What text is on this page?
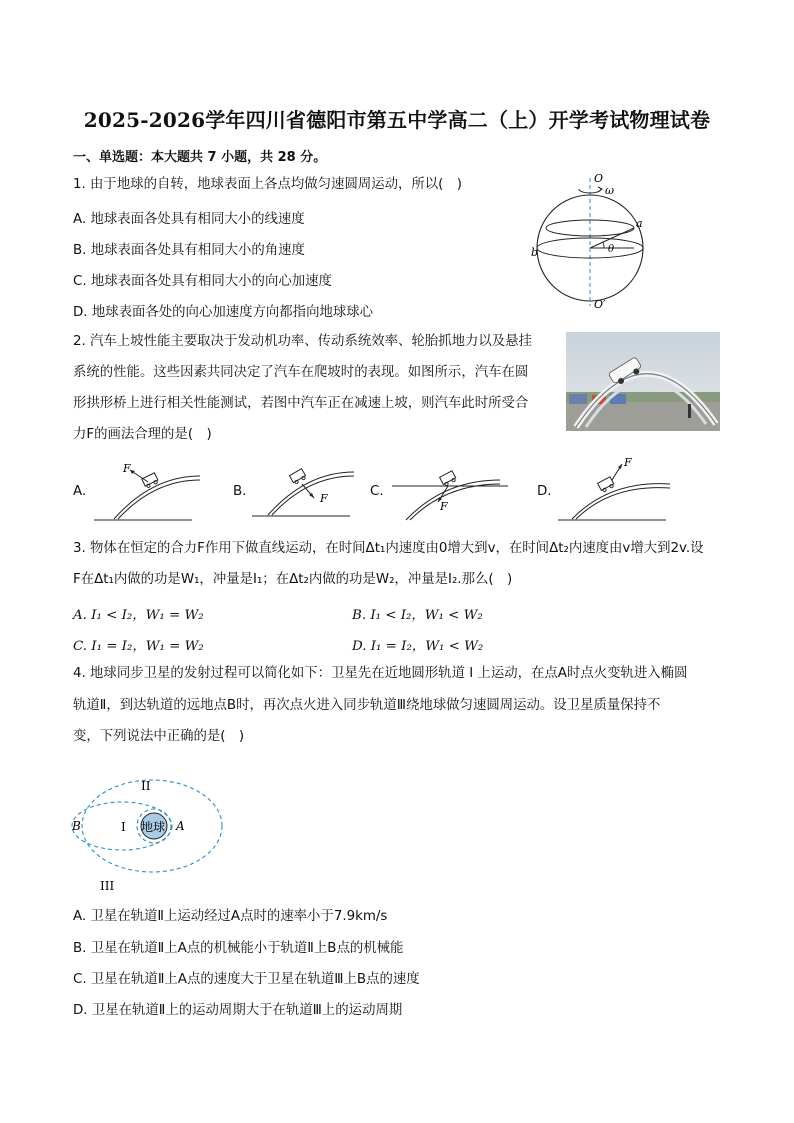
2025-2026学年四川省德阳市第五中学高二（上）开学考试物理试卷
一、单选题：本大题共 7 小题，共 28 分。
1. 由于地球的自转，地球表面上各点均做匀速圆周运动，所以(　)
A. 地球表面各处具有相同大小的线速度
B. 地球表面各处具有相同大小的角速度
C. 地球表面各处具有相同大小的向心加速度
D. 地球表面各处的向心加速度方向都指向地球球心
O
ω
a
b	θ
O′
2. 汽车上坡性能主要取决于发动机功率、传动系统效率、轮胎抓地力以及悬挂
系统的性能。这些因素共同决定了汽车在爬坡时的表现。如图所示，汽车在圆
形拱形桥上进行相关性能测试，若图中汽车正在减速上坡，则汽车此时所受合
力F的画法合理的是(　)
A.
F
B.	F	C.
F
D.
F
3. 物体在恒定的合力F作用下做直线运动，在时间Δt₁内速度由0增大到v，在时间Δt₂内速度由v增大到2v.设
F在Δt₁内做的功是W₁，冲量是I₁；在Δt₂内做的功是W₂，冲量是I₂.那么(　)
A. I₁ < I₂，W₁ = W₂	B. I₁ < I₂，W₁ < W₂
C. I₁ = I₂，W₁ = W₂	D. I₁ = I₂，W₁ < W₂
4. 地球同步卫星的发射过程可以简化如下：卫星先在近地圆形轨道 Ⅰ 上运动，在点A时点火变轨进入椭圆
轨道Ⅱ，到达轨道的远地点B时，再次点火进入同步轨道Ⅲ绕地球做匀速圆周运动。设卫星质量保持不
变，下列说法中正确的是(　)
地球
II
I
III
A
B
A. 卫星在轨道Ⅱ上运动经过A点时的速率小于7.9km/s
B. 卫星在轨道Ⅱ上A点的机械能小于轨道Ⅱ上B点的机械能
C. 卫星在轨道Ⅱ上A点的速度大于卫星在轨道Ⅲ上B点的速度
D. 卫星在轨道Ⅱ上的运动周期大于在轨道Ⅲ上的运动周期
